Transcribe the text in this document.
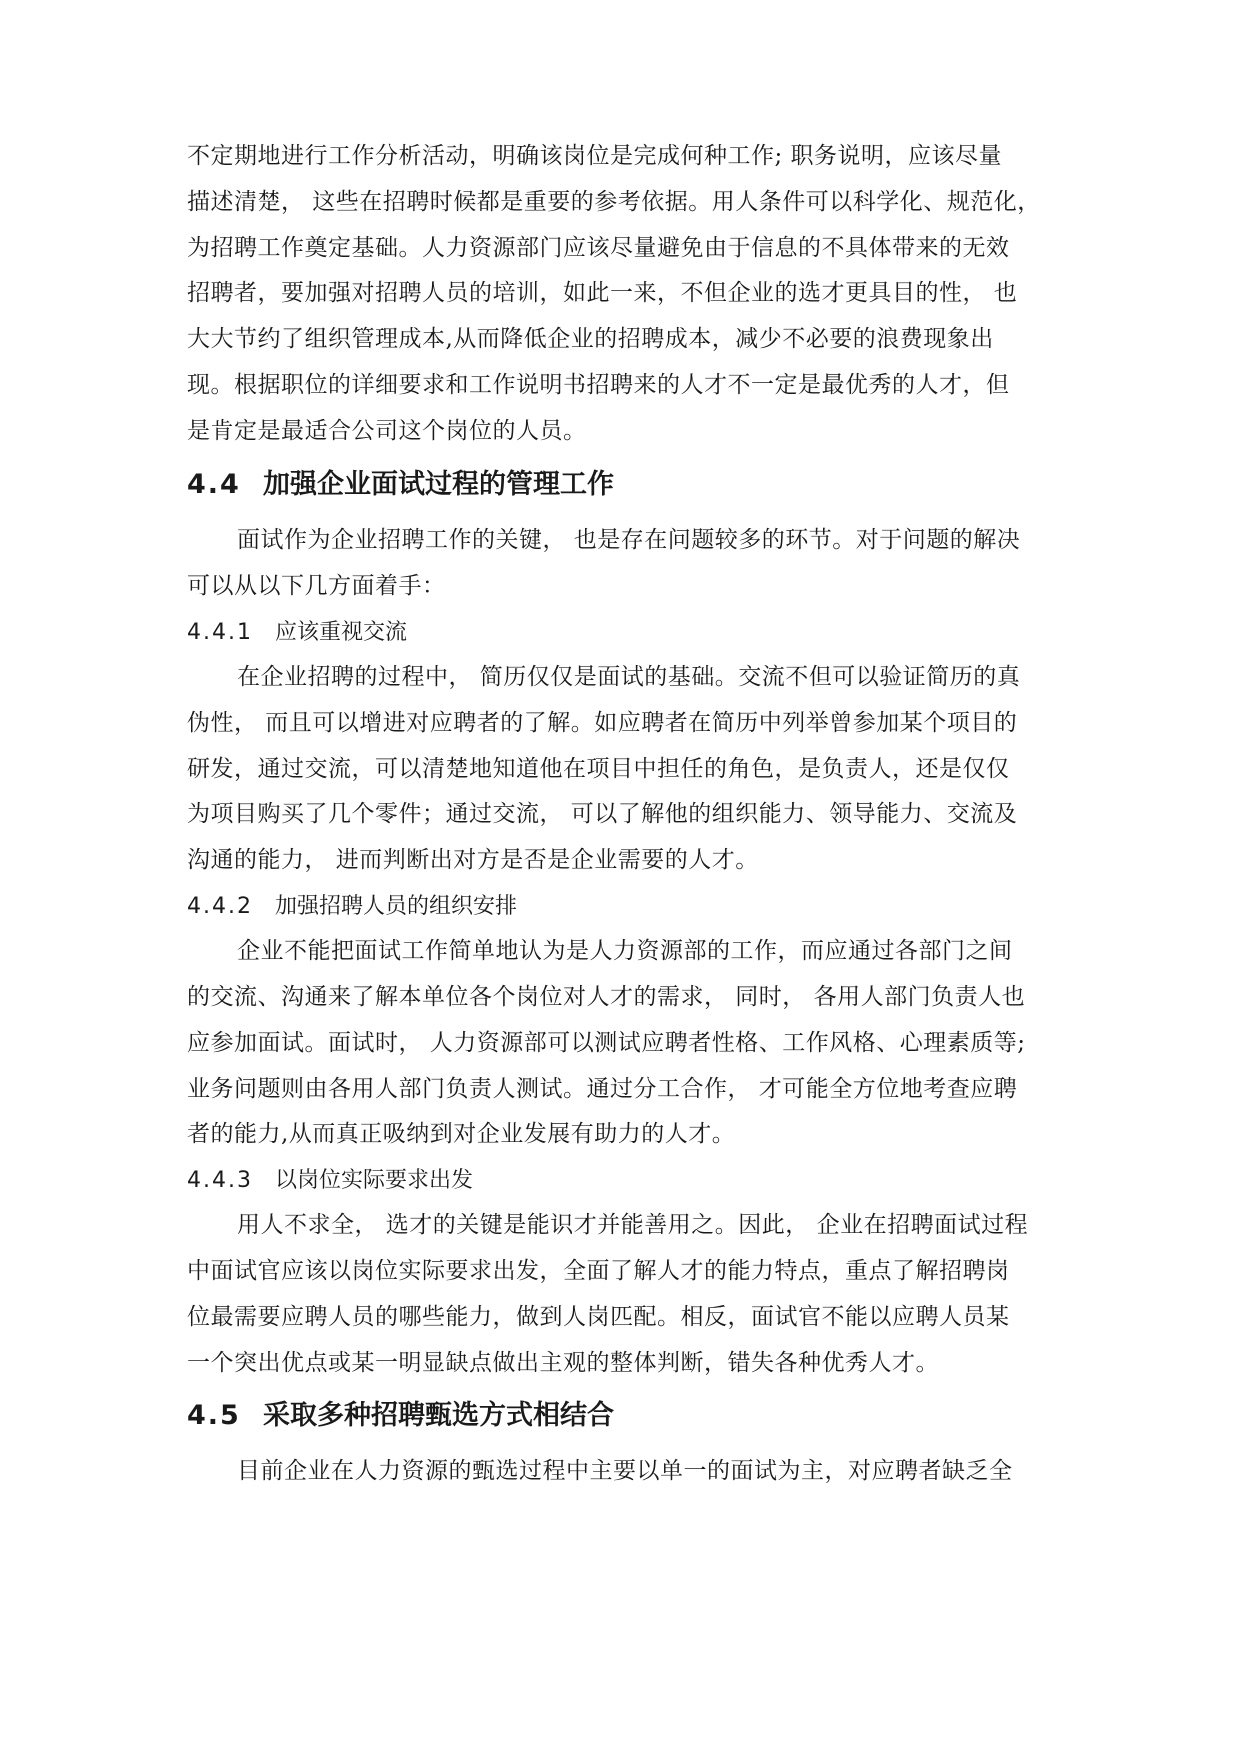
不定期地进行工作分析活动，明确该岗位是完成何种工作; 职务说明，应该尽量
描述清楚， 这些在招聘时候都是重要的参考依据。用人条件可以科学化、规范化，
为招聘工作奠定基础。人力资源部门应该尽量避免由于信息的不具体带来的无效
招聘者，要加强对招聘人员的培训，如此一来，不但企业的选才更具目的性， 也
大大节约了组织管理成本,从而降低企业的招聘成本，减少不必要的浪费现象出
现。根据职位的详细要求和工作说明书招聘来的人才不一定是最优秀的人才，但
是肯定是最适合公司这个岗位的人员。
4.4 加强企业面试过程的管理工作
面试作为企业招聘工作的关键， 也是存在问题较多的环节。对于问题的解决
可以从以下几方面着手：
4.4.1 应该重视交流
在企业招聘的过程中， 简历仅仅是面试的基础。交流不但可以验证简历的真
伪性， 而且可以增进对应聘者的了解。如应聘者在简历中列举曾参加某个项目的
研发，通过交流，可以清楚地知道他在项目中担任的角色，是负责人，还是仅仅
为项目购买了几个零件；通过交流， 可以了解他的组织能力、领导能力、交流及
沟通的能力， 进而判断出对方是否是企业需要的人才。
4.4.2 加强招聘人员的组织安排
企业不能把面试工作简单地认为是人力资源部的工作，而应通过各部门之间
的交流、沟通来了解本单位各个岗位对人才的需求， 同时， 各用人部门负责人也
应参加面试。面试时， 人力资源部可以测试应聘者性格、工作风格、心理素质等;
业务问题则由各用人部门负责人测试。通过分工合作， 才可能全方位地考查应聘
者的能力,从而真正吸纳到对企业发展有助力的人才。
4.4.3 以岗位实际要求出发
用人不求全， 选才的关键是能识才并能善用之。因此， 企业在招聘面试过程
中面试官应该以岗位实际要求出发，全面了解人才的能力特点，重点了解招聘岗
位最需要应聘人员的哪些能力，做到人岗匹配。相反，面试官不能以应聘人员某
一个突出优点或某一明显缺点做出主观的整体判断，错失各种优秀人才。
4.5 采取多种招聘甄选方式相结合
目前企业在人力资源的甄选过程中主要以单一的面试为主，对应聘者缺乏全
